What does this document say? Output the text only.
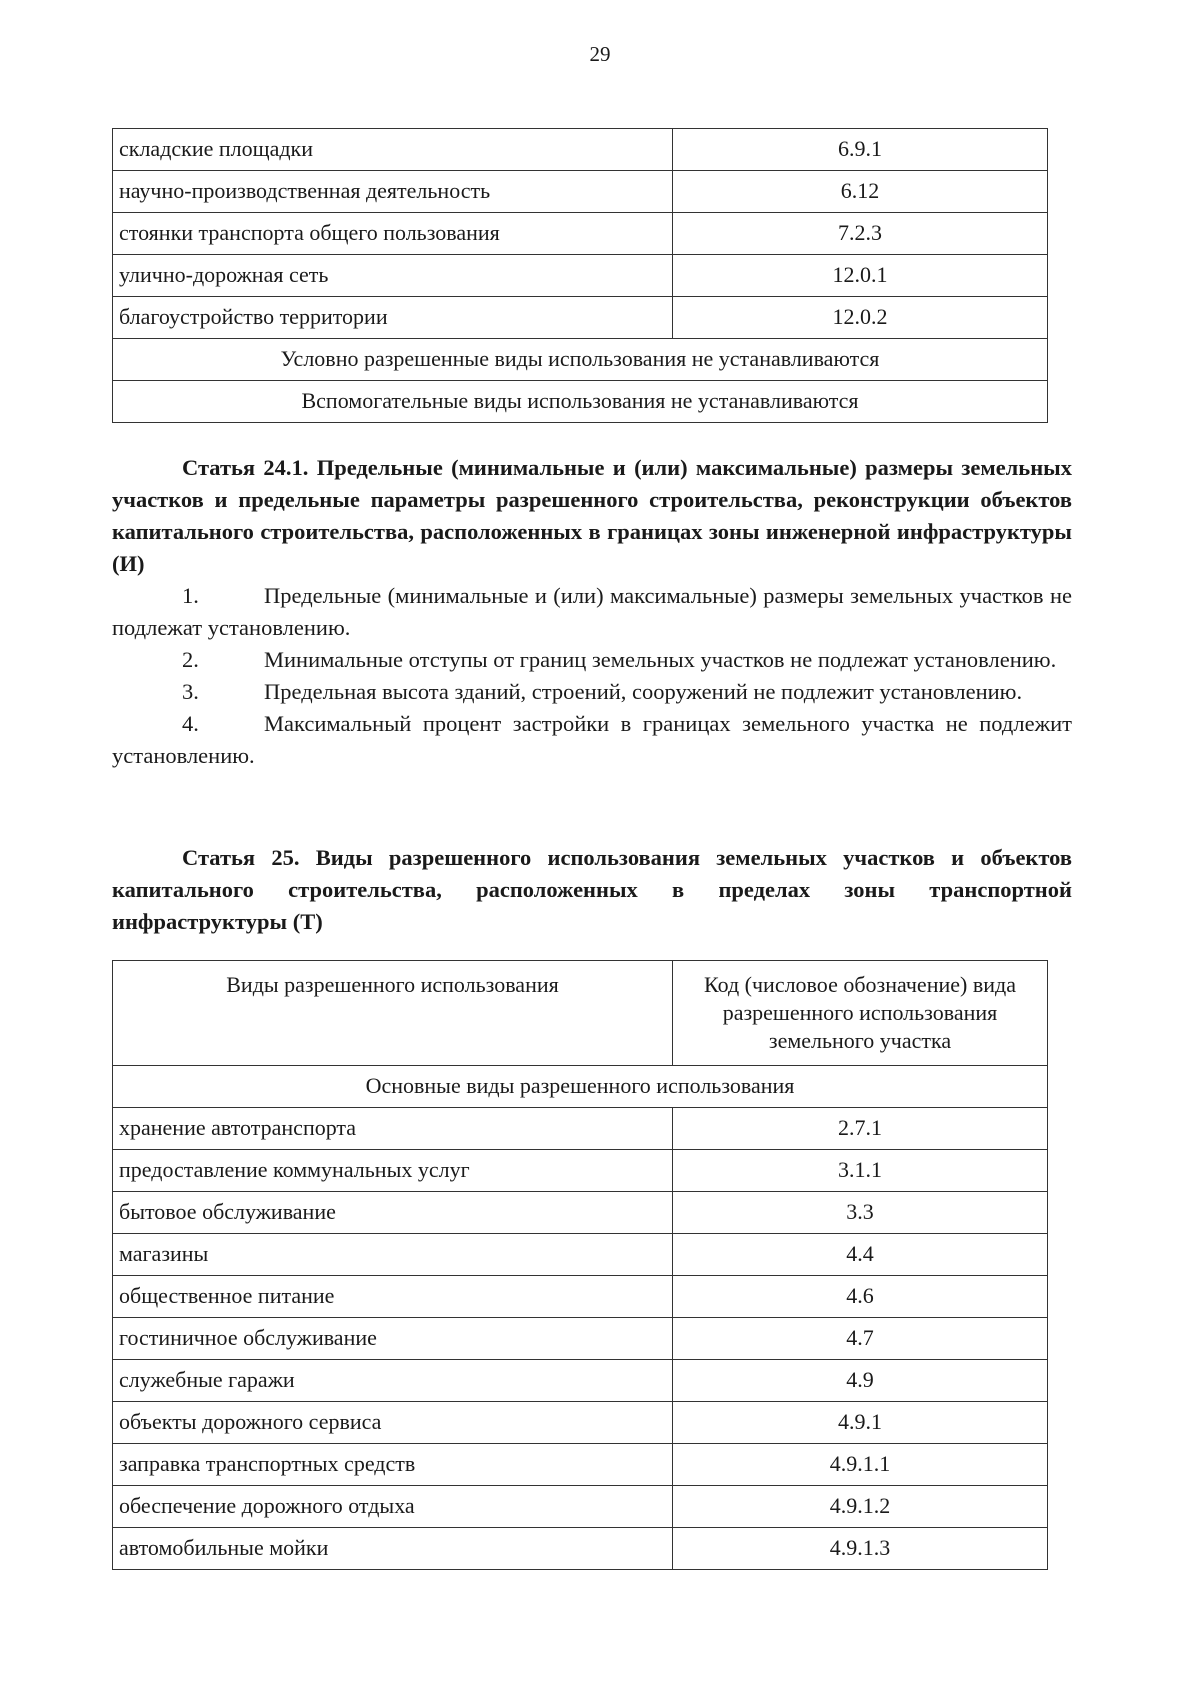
29
складские площадки	6.9.1
научно-производственная деятельность	6.12
стоянки транспорта общего пользования	7.2.3
улично-дорожная сеть	12.0.1
благоустройство территории	12.0.2
Условно разрешенные виды использования не устанавливаются	
Вспомогательные виды использования не устанавливаются	

Статья 24.1. Предельные (минимальные и (или) максимальные) размеры земельных участков и предельные параметры разрешенного строительства, реконструкции объектов капитального строительства, расположенных в границах зоны инженерной инфраструктуры (И)

1.	Предельные (минимальные и (или) максимальные) размеры земельных участков не подлежат установлению.

2.	Минимальные отступы от границ земельных участков не подлежат установлению.

3.	Предельная высота зданий, строений, сооружений не подлежит установлению.

4.	Максимальный процент застройки в границах земельного участка не подлежит установлению.

Статья 25. Виды разрешенного использования земельных участков и объектов капитального строительства, расположенных в пределах зоны транспортной инфраструктуры (Т)

Виды разрешенного использования	Код (числовое обозначение) вида разрешенного использования земельного участка
Основные виды разрешенного использования	
хранение автотранспорта	2.7.1
предоставление коммунальных услуг	3.1.1
бытовое обслуживание	3.3
магазины	4.4
общественное питание	4.6
гостиничное обслуживание	4.7
служебные гаражи	4.9
объекты дорожного сервиса	4.9.1
заправка транспортных средств	4.9.1.1
обеспечение дорожного отдыха	4.9.1.2
автомобильные мойки	4.9.1.3
